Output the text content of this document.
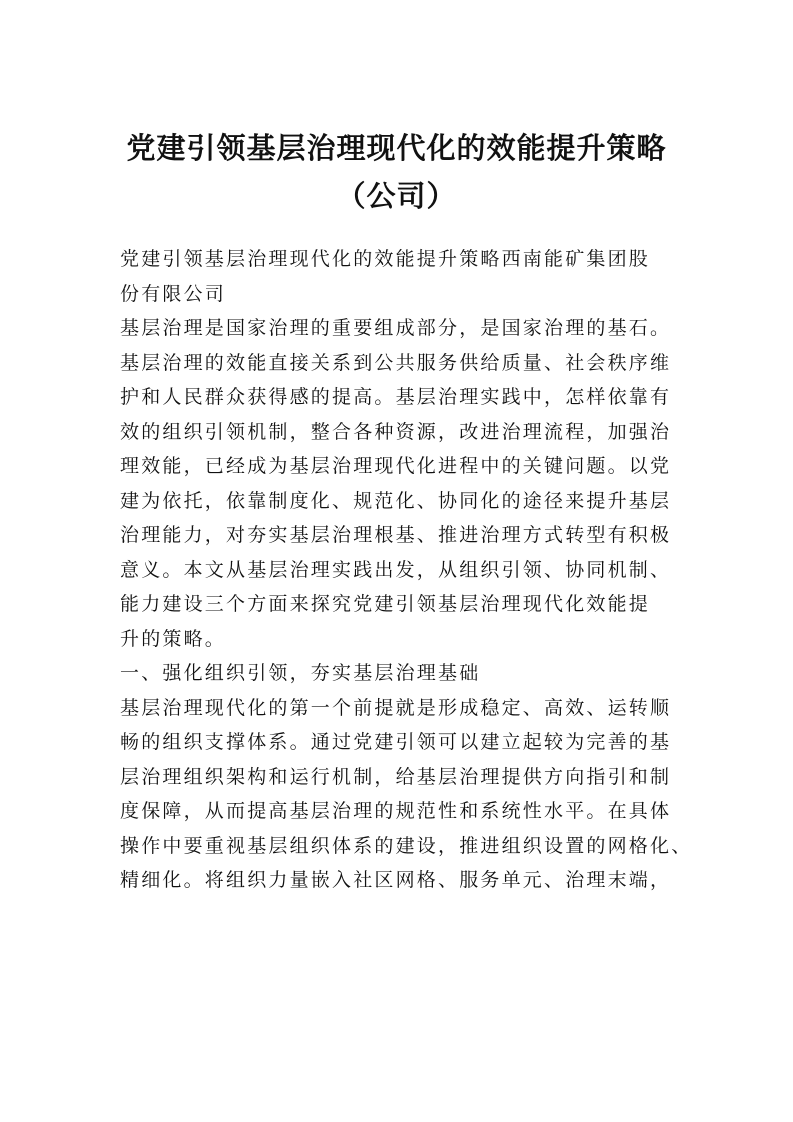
党建引领基层治理现代化的效能提升策略
（公司）
党建引领基层治理现代化的效能提升策略西南能矿集团股
份有限公司
基层治理是国家治理的重要组成部分，是国家治理的基石。
基层治理的效能直接关系到公共服务供给质量、社会秩序维
护和人民群众获得感的提高。基层治理实践中，怎样依靠有
效的组织引领机制，整合各种资源，改进治理流程，加强治
理效能，已经成为基层治理现代化进程中的关键问题。以党
建为依托，依靠制度化、规范化、协同化的途径来提升基层
治理能力，对夯实基层治理根基、推进治理方式转型有积极
意义。本文从基层治理实践出发，从组织引领、协同机制、
能力建设三个方面来探究党建引领基层治理现代化效能提
升的策略。
一、强化组织引领，夯实基层治理基础
基层治理现代化的第一个前提就是形成稳定、高效、运转顺
畅的组织支撑体系。通过党建引领可以建立起较为完善的基
层治理组织架构和运行机制，给基层治理提供方向指引和制
度保障，从而提高基层治理的规范性和系统性水平。在具体
操作中要重视基层组织体系的建设，推进组织设置的网格化、
精细化。将组织力量嵌入社区网格、服务单元、治理末端，
